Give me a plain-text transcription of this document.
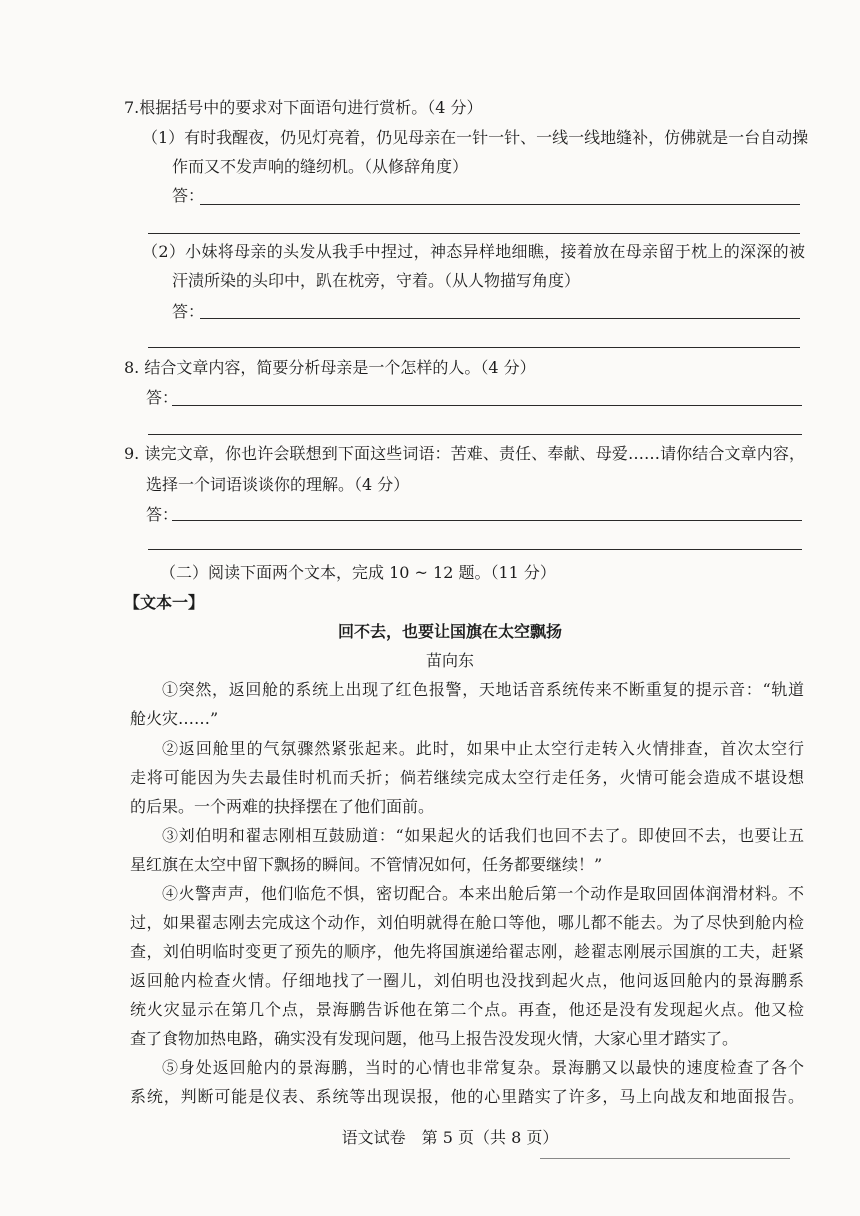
7.根据括号中的要求对下面语句进行赏析。（4 分）
（1）有时我醒夜，仍见灯亮着，仍见母亲在一针一针、一线一线地缝补，仿佛就是一台自动操
作而又不发声响的缝纫机。（从修辞角度）
答：
（2）小妹将母亲的头发从我手中捏过，神态异样地细瞧，接着放在母亲留于枕上的深深的被
汗渍所染的头印中，趴在枕旁，守着。（从人物描写角度）
答：
8. 结合文章内容，简要分析母亲是一个怎样的人。（4 分）
答：
9. 读完文章，你也许会联想到下面这些词语：苦难、责任、奉献、母爱……请你结合文章内容，
选择一个词语谈谈你的理解。（4 分）
答：
（二）阅读下面两个文本，完成 10 ~ 12 题。（11 分）
【文本一】
回不去，也要让国旗在太空飘扬
苗向东
①突然，返回舱的系统上出现了红色报警，天地话音系统传来不断重复的提示音：“轨道
舱火灾……”
②返回舱里的气氛骤然紧张起来。此时，如果中止太空行走转入火情排查，首次太空行
走将可能因为失去最佳时机而夭折；倘若继续完成太空行走任务，火情可能会造成不堪设想
的后果。一个两难的抉择摆在了他们面前。
③刘伯明和翟志刚相互鼓励道：“如果起火的话我们也回不去了。即使回不去，也要让五
星红旗在太空中留下飘扬的瞬间。不管情况如何，任务都要继续！”
④火警声声，他们临危不惧，密切配合。本来出舱后第一个动作是取回固体润滑材料。不
过，如果翟志刚去完成这个动作，刘伯明就得在舱口等他，哪儿都不能去。为了尽快到舱内检
查，刘伯明临时变更了预先的顺序，他先将国旗递给翟志刚，趁翟志刚展示国旗的工夫，赶紧
返回舱内检查火情。仔细地找了一圈儿，刘伯明也没找到起火点，他问返回舱内的景海鹏系
统火灾显示在第几个点，景海鹏告诉他在第二个点。再查，他还是没有发现起火点。他又检
查了食物加热电路，确实没有发现问题，他马上报告没发现火情，大家心里才踏实了。
⑤身处返回舱内的景海鹏，当时的心情也非常复杂。景海鹏又以最快的速度检查了各个
系统，判断可能是仪表、系统等出现误报，他的心里踏实了许多，马上向战友和地面报告。
语文试卷　第 5 页（共 8 页）
